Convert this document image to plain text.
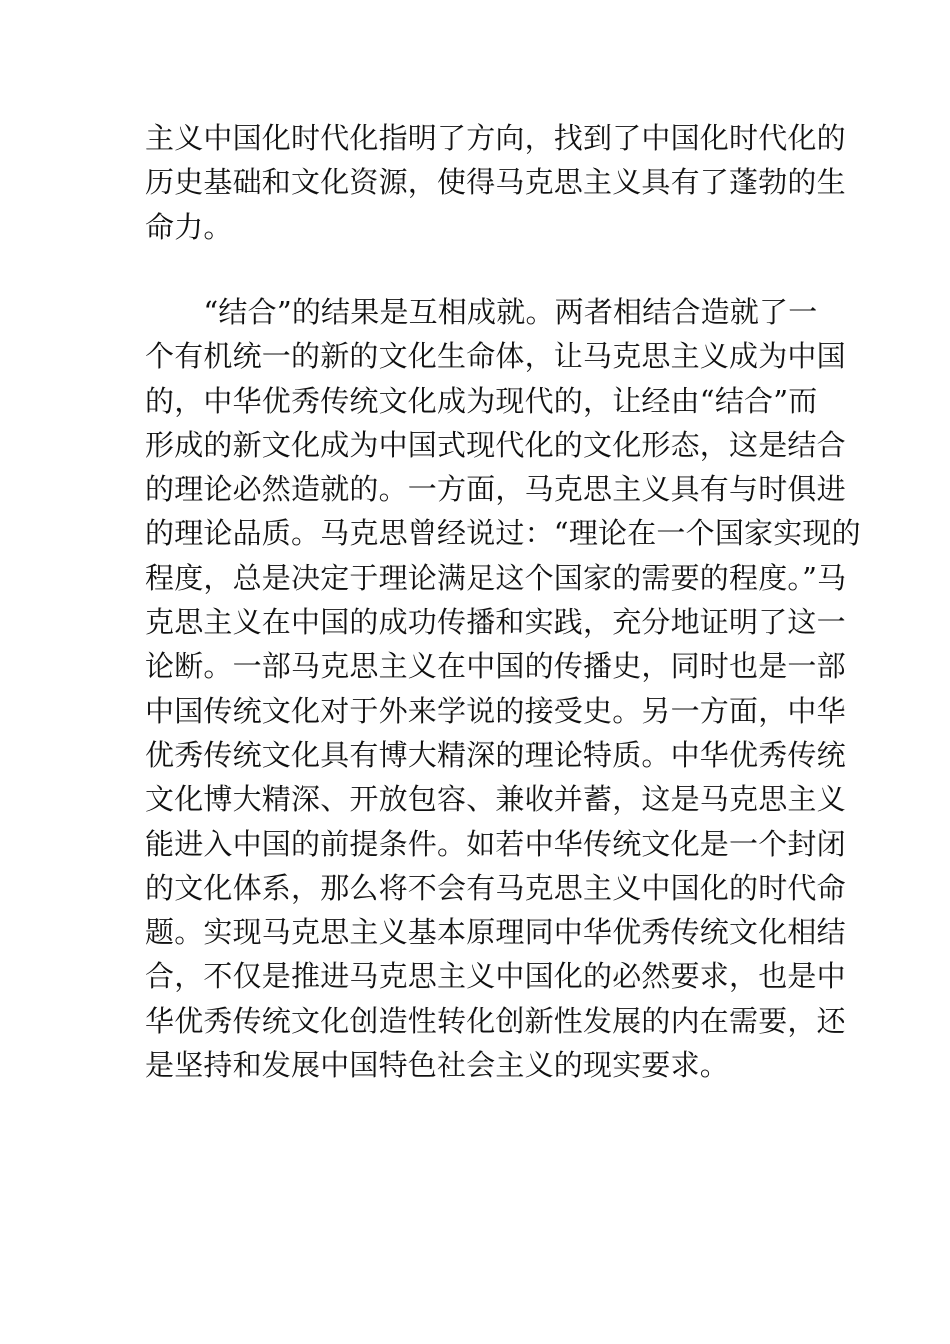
主义中国化时代化指明了方向，找到了中国化时代化的
历史基础和文化资源，使得马克思主义具有了蓬勃的生
命力。
　　“结合”的结果是互相成就。两者相结合造就了一
个有机统一的新的文化生命体，让马克思主义成为中国
的，中华优秀传统文化成为现代的，让经由“结合”而
形成的新文化成为中国式现代化的文化形态，这是结合
的理论必然造就的。一方面，马克思主义具有与时俱进
的理论品质。马克思曾经说过：“理论在一个国家实现的
程度，总是决定于理论满足这个国家的需要的程度。”马
克思主义在中国的成功传播和实践，充分地证明了这一
论断。一部马克思主义在中国的传播史，同时也是一部
中国传统文化对于外来学说的接受史。另一方面，中华
优秀传统文化具有博大精深的理论特质。中华优秀传统
文化博大精深、开放包容、兼收并蓄，这是马克思主义
能进入中国的前提条件。如若中华传统文化是一个封闭
的文化体系，那么将不会有马克思主义中国化的时代命
题。实现马克思主义基本原理同中华优秀传统文化相结
合，不仅是推进马克思主义中国化的必然要求，也是中
华优秀传统文化创造性转化创新性发展的内在需要，还
是坚持和发展中国特色社会主义的现实要求。
